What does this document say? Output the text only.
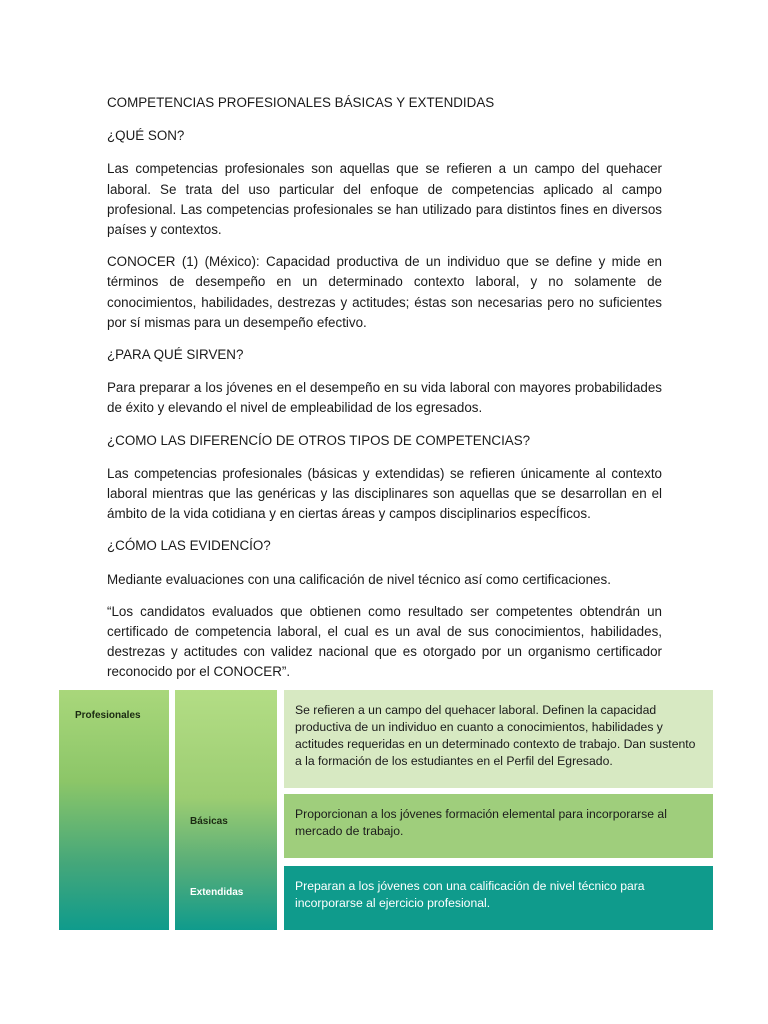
COMPETENCIAS PROFESIONALES BÁSICAS Y EXTENDIDAS

¿QUÉ SON?

Las competencias profesionales son aquellas que se refieren a un campo del quehacer laboral. Se trata del uso particular del enfoque de competencias aplicado al campo profesional. Las competencias profesionales se han utilizado para distintos fines en diversos países y contextos.

CONOCER (1) (México): Capacidad productiva de un individuo que se define y mide en términos de desempeño en un determinado contexto laboral, y no solamente de conocimientos, habilidades, destrezas y actitudes; éstas son necesarias pero no suficientes por sí mismas para un desempeño efectivo.

¿PARA QUÉ SIRVEN?

Para preparar a los jóvenes en el desempeño en su vida laboral con mayores probabilidades de éxito y elevando el nivel de empleabilidad de los egresados.

¿COMO LAS DIFERENCÍO DE OTROS TIPOS DE COMPETENCIAS?

Las competencias profesionales (básicas y extendidas) se refieren únicamente al contexto laboral mientras que las genéricas y las disciplinares son aquellas que se desarrollan en el ámbito de la vida cotidiana y en ciertas áreas y campos disciplinarios especÍficos.

¿CÓMO LAS EVIDENCÍO?

Mediante evaluaciones con una calificación de nivel técnico así como certificaciones.

“Los candidatos evaluados que obtienen como resultado ser competentes obtendrán un certificado de competencia laboral, el cual es un aval de sus conocimientos, habilidades, destrezas y actitudes con validez nacional que es otorgado por un organismo certificador reconocido por el CONOCER”.

Profesionales
Básicas
Extendidas
Se refieren a un campo del quehacer laboral. Definen la capacidad productiva de un individuo en cuanto a conocimientos, habilidades y actitudes requeridas en un determinado contexto de trabajo. Dan sustento a la formación de los estudiantes en el Perfil del Egresado.
Proporcionan a los jóvenes formación elemental para incorporarse al mercado de trabajo.
Preparan a los jóvenes con una calificación de nivel técnico para incorporarse al ejercicio profesional.
